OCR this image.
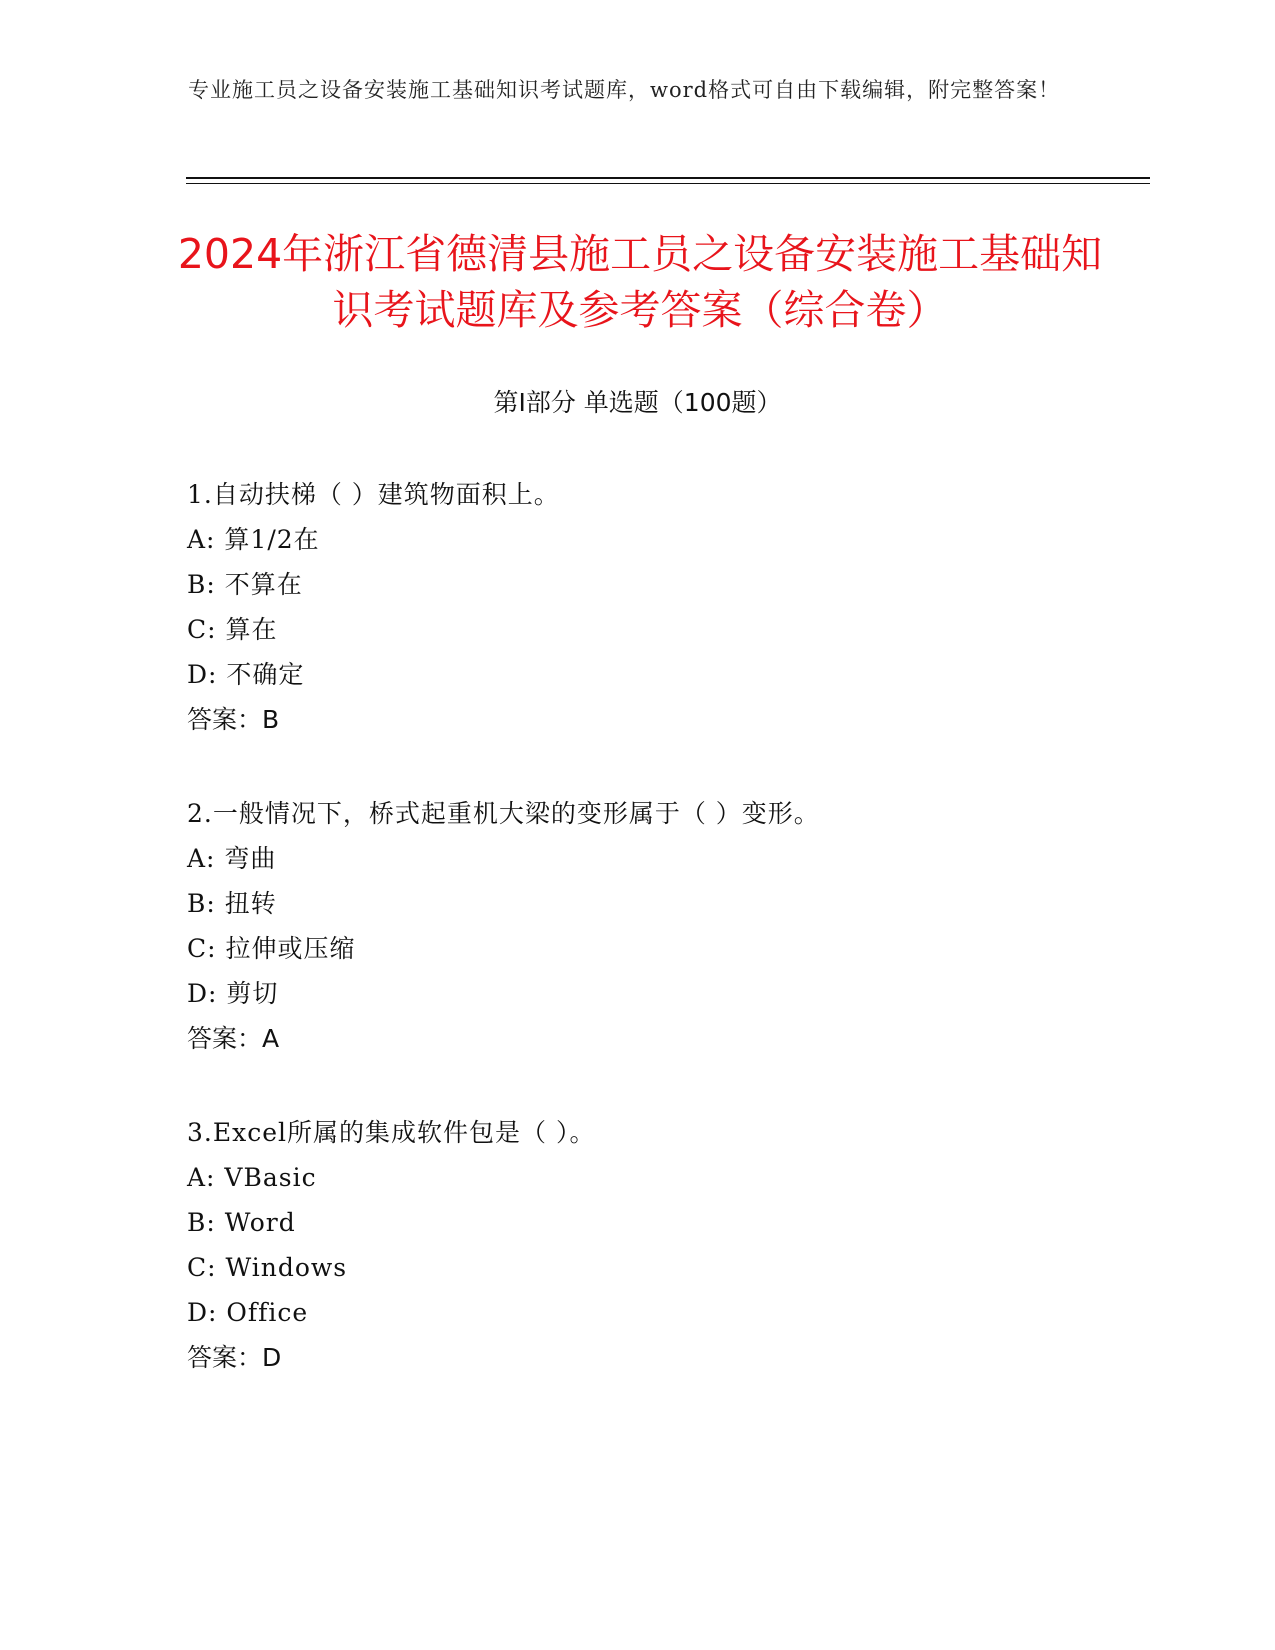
专业施工员之设备安装施工基础知识考试题库，word格式可自由下载编辑，附完整答案！
2024年浙江省德清县施工员之设备安装施工基础知识考试题库及参考答案（综合卷）
第I部分 单选题（100题）
1.自动扶梯（ ）建筑物面积上。
A: 算1/2在
B: 不算在
C: 算在
D: 不确定
答案：B
2.一般情况下，桥式起重机大梁的变形属于（ ）变形。
A: 弯曲
B: 扭转
C: 拉伸或压缩
D: 剪切
答案：A
3.Excel所属的集成软件包是（ ）。
A: VBasic
B: Word
C: Windows
D: Office
答案：D
